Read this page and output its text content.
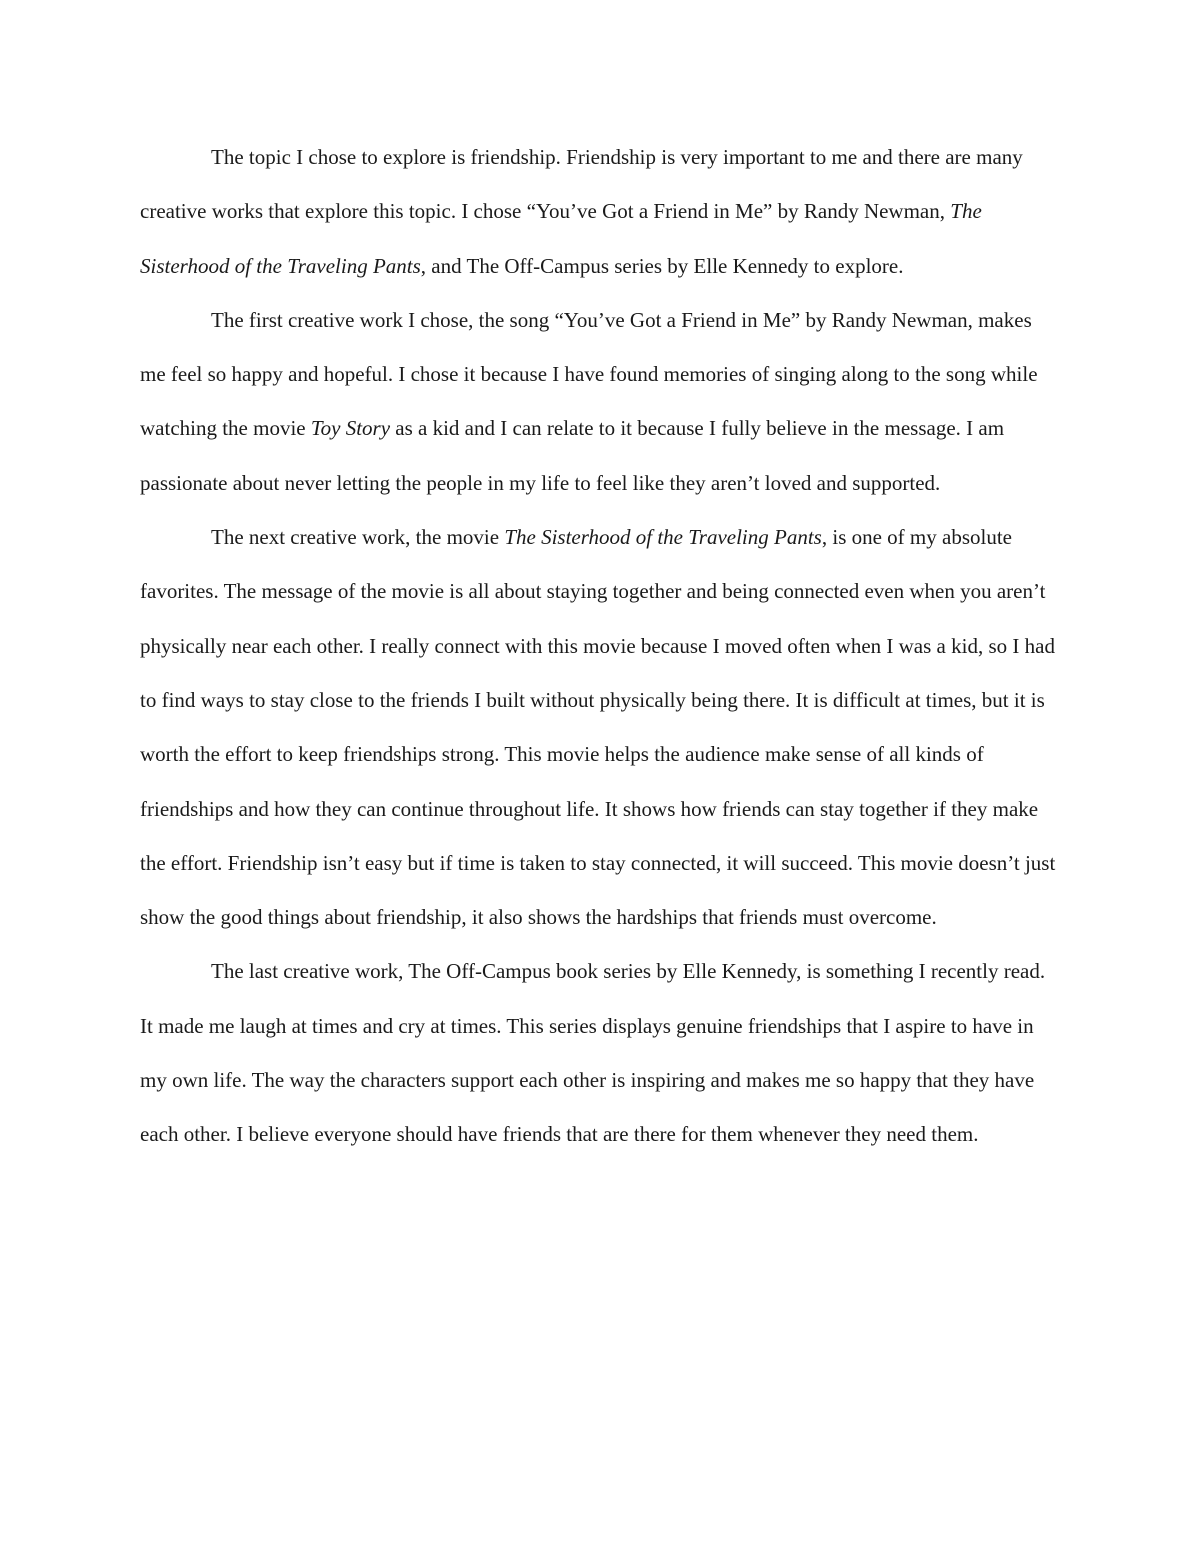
The topic I chose to explore is friendship. Friendship is very important to me and there are many creative works that explore this topic. I chose “You’ve Got a Friend in Me” by Randy Newman, The Sisterhood of the Traveling Pants, and The Off-Campus series by Elle Kennedy to explore.

The first creative work I chose, the song “You’ve Got a Friend in Me” by Randy Newman, makes me feel so happy and hopeful. I chose it because I have found memories of singing along to the song while watching the movie Toy Story as a kid and I can relate to it because I fully believe in the message. I am passionate about never letting the people in my life to feel like they aren’t loved and supported.

The next creative work, the movie The Sisterhood of the Traveling Pants, is one of my absolute favorites. The message of the movie is all about staying together and being connected even when you aren’t physically near each other. I really connect with this movie because I moved often when I was a kid, so I had to find ways to stay close to the friends I built without physically being there. It is difficult at times, but it is worth the effort to keep friendships strong. This movie helps the audience make sense of all kinds of friendships and how they can continue throughout life. It shows how friends can stay together if they make the effort. Friendship isn’t easy but if time is taken to stay connected, it will succeed. This movie doesn’t just show the good things about friendship, it also shows the hardships that friends must overcome.

The last creative work, The Off-Campus book series by Elle Kennedy, is something I recently read. It made me laugh at times and cry at times. This series displays genuine friendships that I aspire to have in my own life. The way the characters support each other is inspiring and makes me so happy that they have each other. I believe everyone should have friends that are there for them whenever they need them.
